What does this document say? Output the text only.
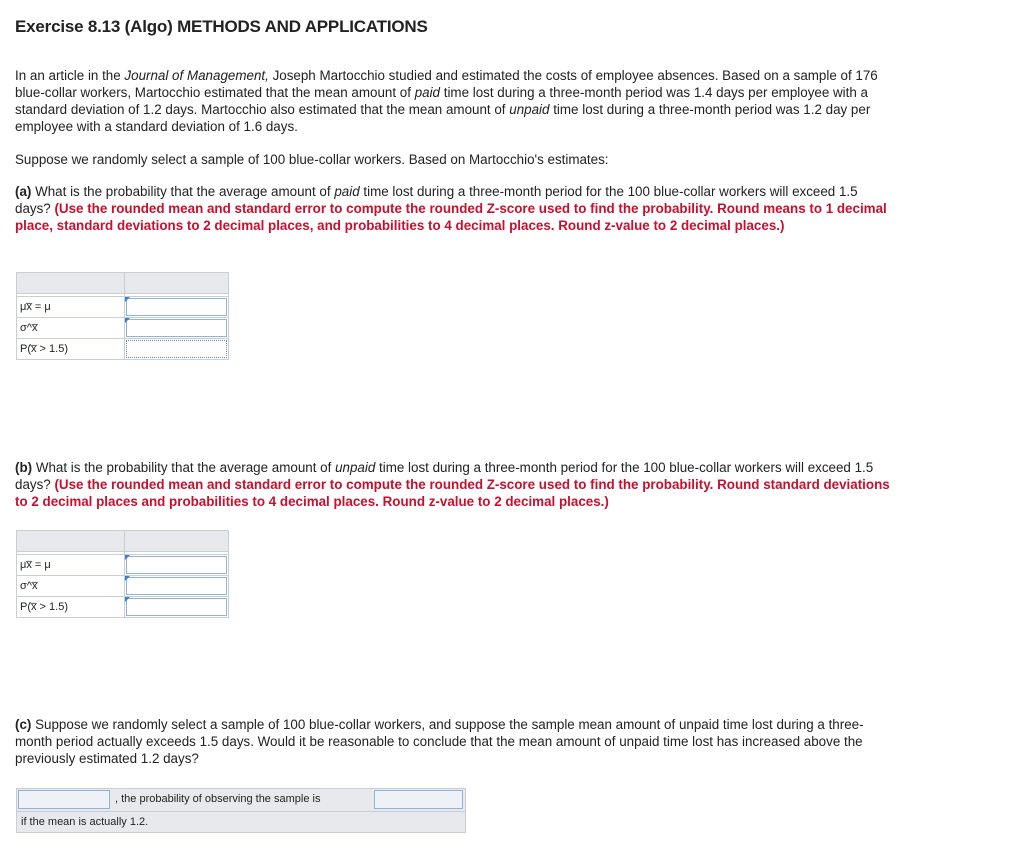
Exercise 8.13 (Algo) METHODS AND APPLICATIONS
In an article in the Journal of Management, Joseph Martocchio studied and estimated the costs of employee absences. Based on a sample of 176 blue-collar workers, Martocchio estimated that the mean amount of paid time lost during a three-month period was 1.4 days per employee with a standard deviation of 1.2 days. Martocchio also estimated that the mean amount of unpaid time lost during a three-month period was 1.2 day per employee with a standard deviation of 1.6 days.
Suppose we randomly select a sample of 100 blue-collar workers. Based on Martocchio's estimates:
(a) What is the probability that the average amount of paid time lost during a three-month period for the 100 blue-collar workers will exceed 1.5 days? (Use the rounded mean and standard error to compute the rounded Z-score used to find the probability. Round means to 1 decimal place, standard deviations to 2 decimal places, and probabilities to 4 decimal places. Round z-value to 2 decimal places.)

μx̅ = μ	

σ^x̅	

P(x̅ > 1.5)	
(b) What is the probability that the average amount of unpaid time lost during a three-month period for the 100 blue-collar workers will exceed 1.5 days? (Use the rounded mean and standard error to compute the rounded Z-score used to find the probability. Round standard deviations to 2 decimal places and probabilities to 4 decimal places. Round z-value to 2 decimal places.)

μx̅ = μ	

σ^x̅	

P(x̅ > 1.5)	
(c) Suppose we randomly select a sample of 100 blue-collar workers, and suppose the sample mean amount of unpaid time lost during a three-month period actually exceeds 1.5 days. Would it be reasonable to conclude that the mean amount of unpaid time lost has increased above the previously estimated 1.2 days?
, the probability of observing the sample is
if the mean is actually 1.2.
